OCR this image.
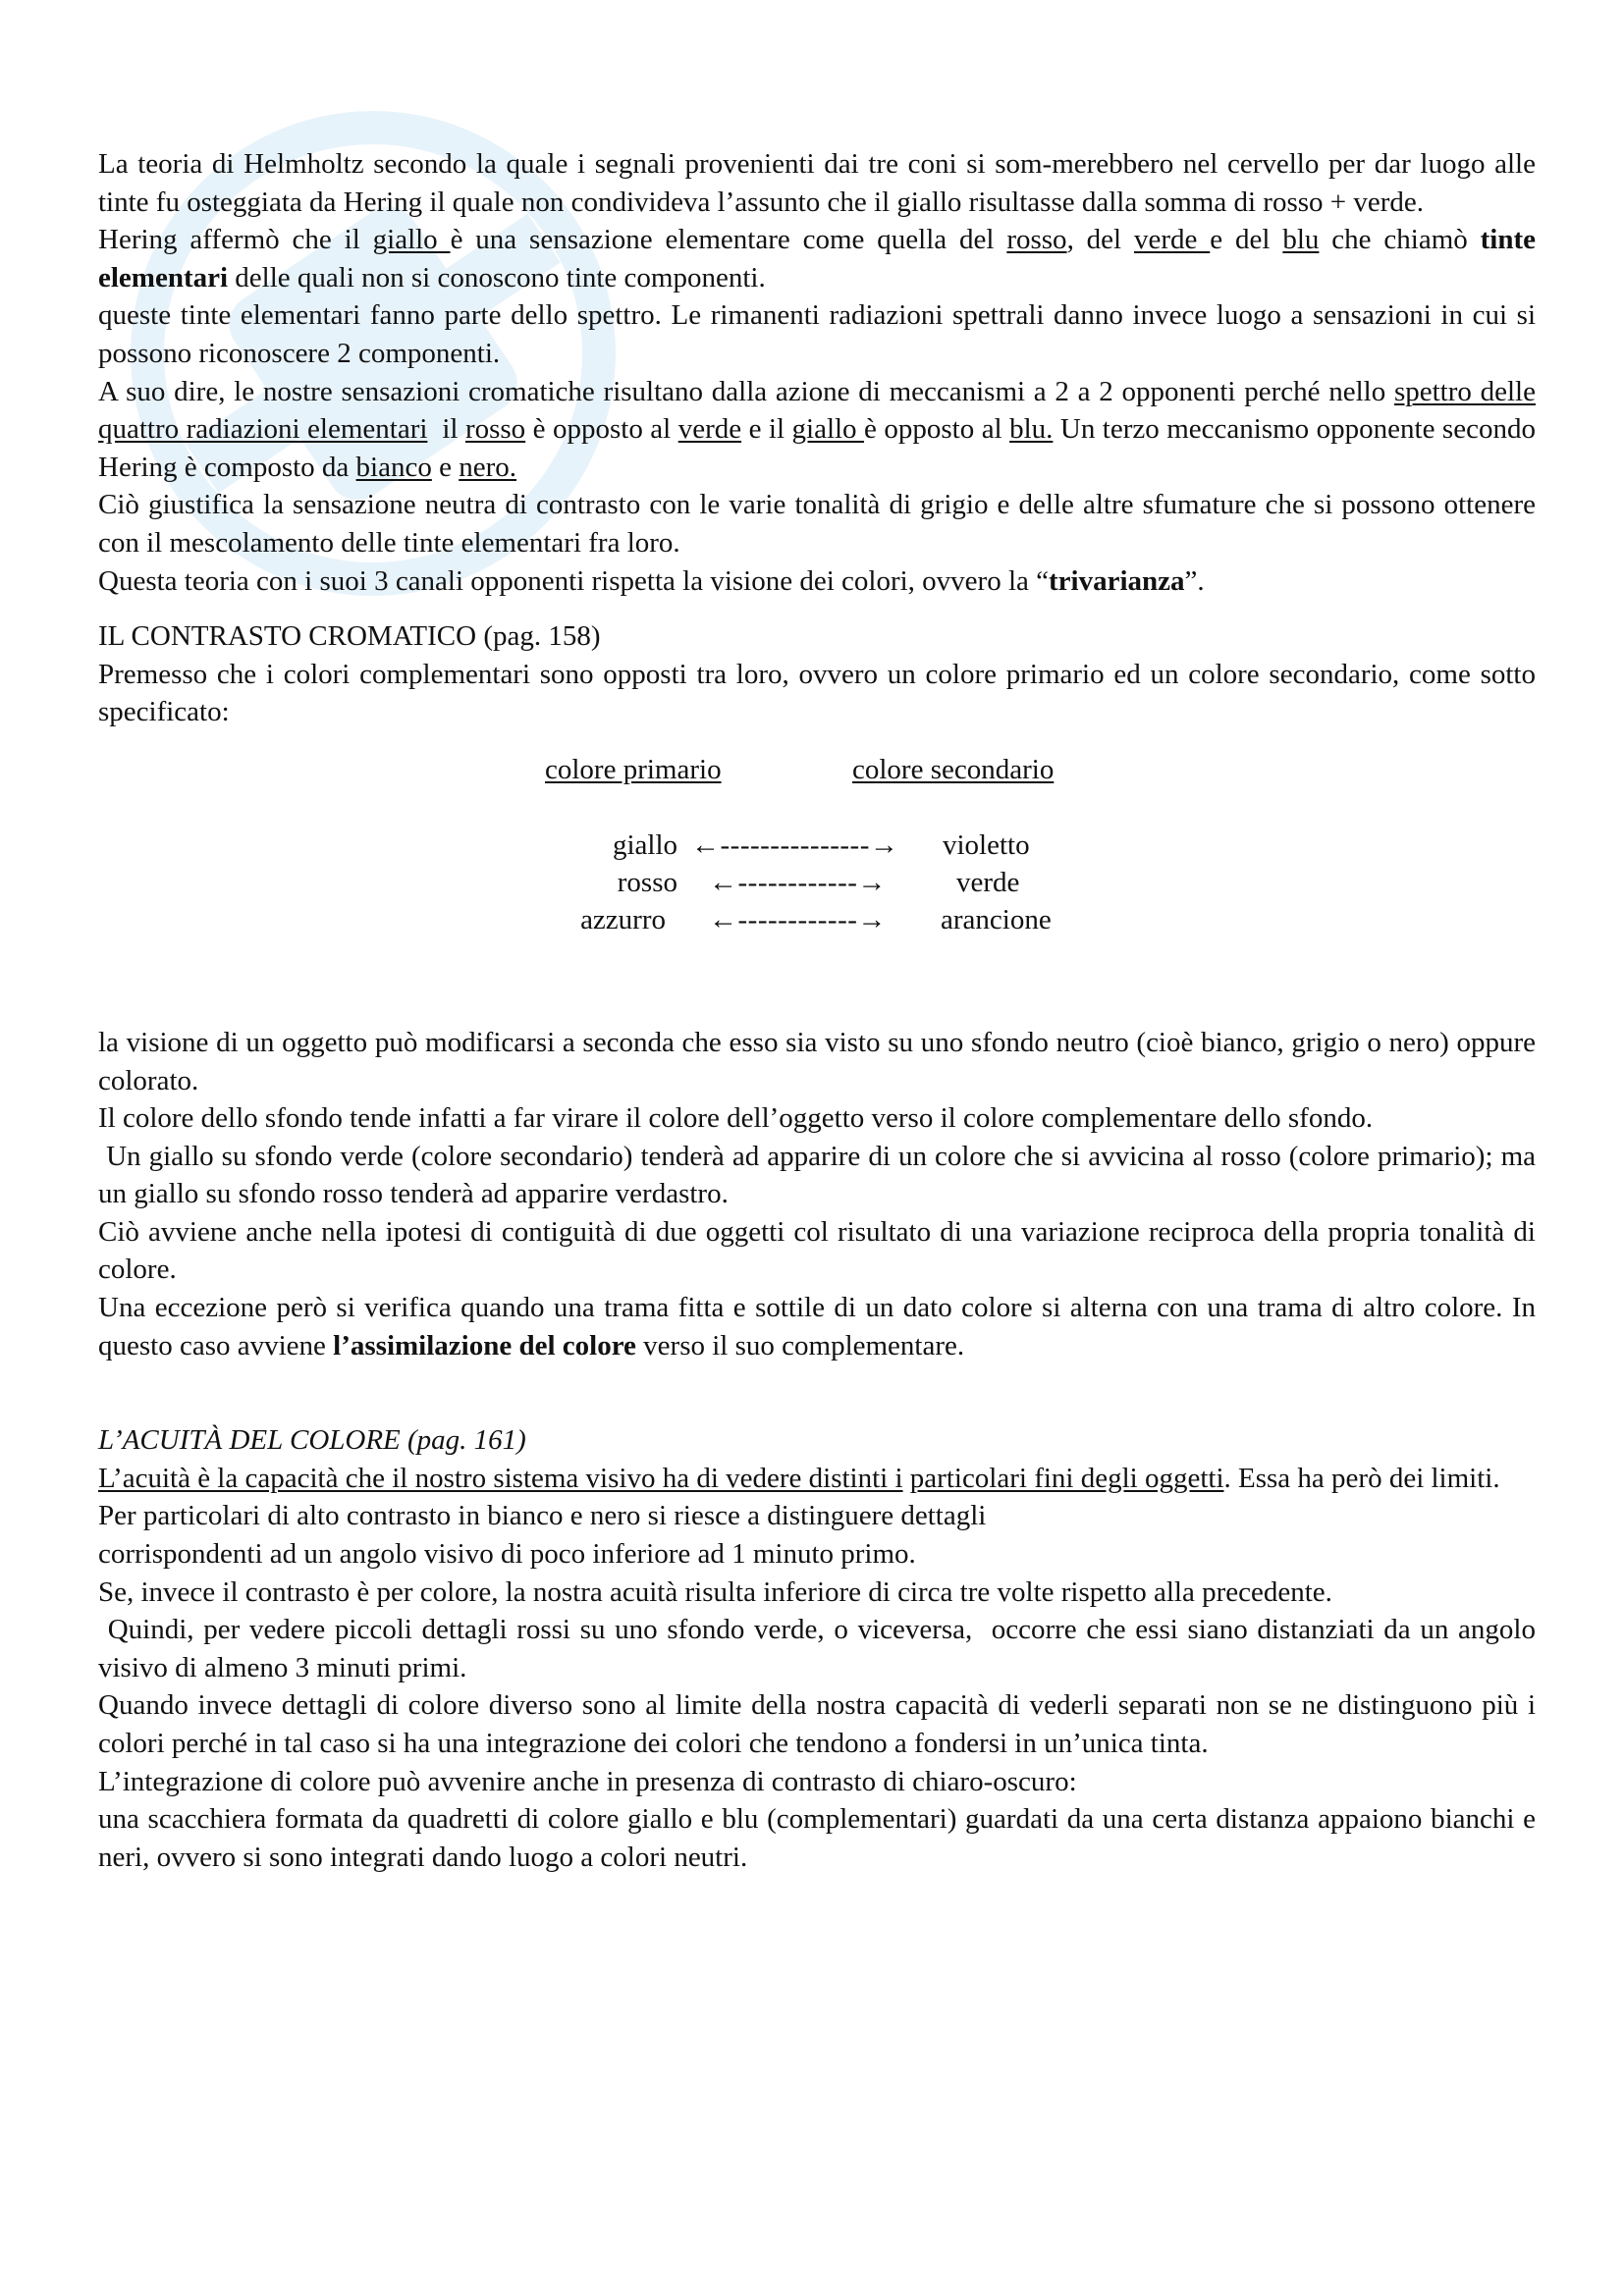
La teoria di Helmholtz secondo la quale i segnali provenienti dai tre coni si som-merebbero nel cervello per dar luogo alle tinte fu osteggiata da Hering il quale non condivideva l’assunto che il giallo risultasse dalla somma di rosso + verde.

Hering affermò che il giallo è una sensazione elementare come quella del rosso, del verde e del blu che chiamò tinte elementari delle quali non si conoscono tinte componenti.

queste tinte elementari fanno parte dello spettro. Le rimanenti radiazioni spettrali danno invece luogo a sensazioni in cui si possono riconoscere 2 componenti.

A suo dire, le nostre sensazioni cromatiche risultano dalla azione di meccanismi a 2 a 2 opponenti perché nello spettro delle quattro radiazioni elementari  il rosso è opposto al verde e il giallo è opposto al blu. Un terzo meccanismo opponente secondo Hering è composto da bianco e nero.

Ciò giustifica la sensazione neutra di contrasto con le varie tonalità di grigio e delle altre sfumature che si possono ottenere con il mescolamento delle tinte elementari fra loro.

Questa teoria con i suoi 3 canali opponenti rispetta la visione dei colori, ovvero la “trivarianza”.

IL CONTRASTO CROMATICO (pag. 158)

Premesso che i colori complementari sono opposti tra loro, ovvero un colore primario ed un colore secondario, come sotto specificato:

colore primario	colore secondario
giallo ←---------------→ violetto
rosso ←------------→ verde
azzurro ←------------→ arancione

la visione di un oggetto può modificarsi a seconda che esso sia visto su uno sfondo neutro (cioè bianco, grigio o nero) oppure colorato.

Il colore dello sfondo tende infatti a far virare il colore dell’oggetto verso il colore complementare dello sfondo.

Un giallo su sfondo verde (colore secondario) tenderà ad apparire di un colore che si avvicina al rosso (colore primario); ma un giallo su sfondo rosso tenderà ad apparire verdastro.

Ciò avviene anche nella ipotesi di contiguità di due oggetti col risultato di una variazione reciproca della propria tonalità di colore.

Una eccezione però si verifica quando una trama fitta e sottile di un dato colore si alterna con una trama di altro colore. In questo caso avviene l’assimilazione del colore verso il suo complementare.

L’ACUITÀ DEL COLORE (pag. 161)

L’acuità è la capacità che il nostro sistema visivo ha di vedere distinti i particolari fini degli oggetti. Essa ha però dei limiti.

Per particolari di alto contrasto in bianco e nero si riesce a distinguere dettagli

corrispondenti ad un angolo visivo di poco inferiore ad 1 minuto primo.

Se, invece il contrasto è per colore, la nostra acuità risulta inferiore di circa tre volte rispetto alla precedente.

Quindi, per vedere piccoli dettagli rossi su uno sfondo verde, o viceversa,  occorre che essi siano distanziati da un angolo visivo di almeno 3 minuti primi.

Quando invece dettagli di colore diverso sono al limite della nostra capacità di vederli separati non se ne distinguono più i colori perché in tal caso si ha una integrazione dei colori che tendono a fondersi in un’unica tinta.

L’integrazione di colore può avvenire anche in presenza di contrasto di chiaro-oscuro:

una scacchiera formata da quadretti di colore giallo e blu (complementari) guardati da una certa distanza appaiono bianchi e neri, ovvero si sono integrati dando luogo a colori neutri.
